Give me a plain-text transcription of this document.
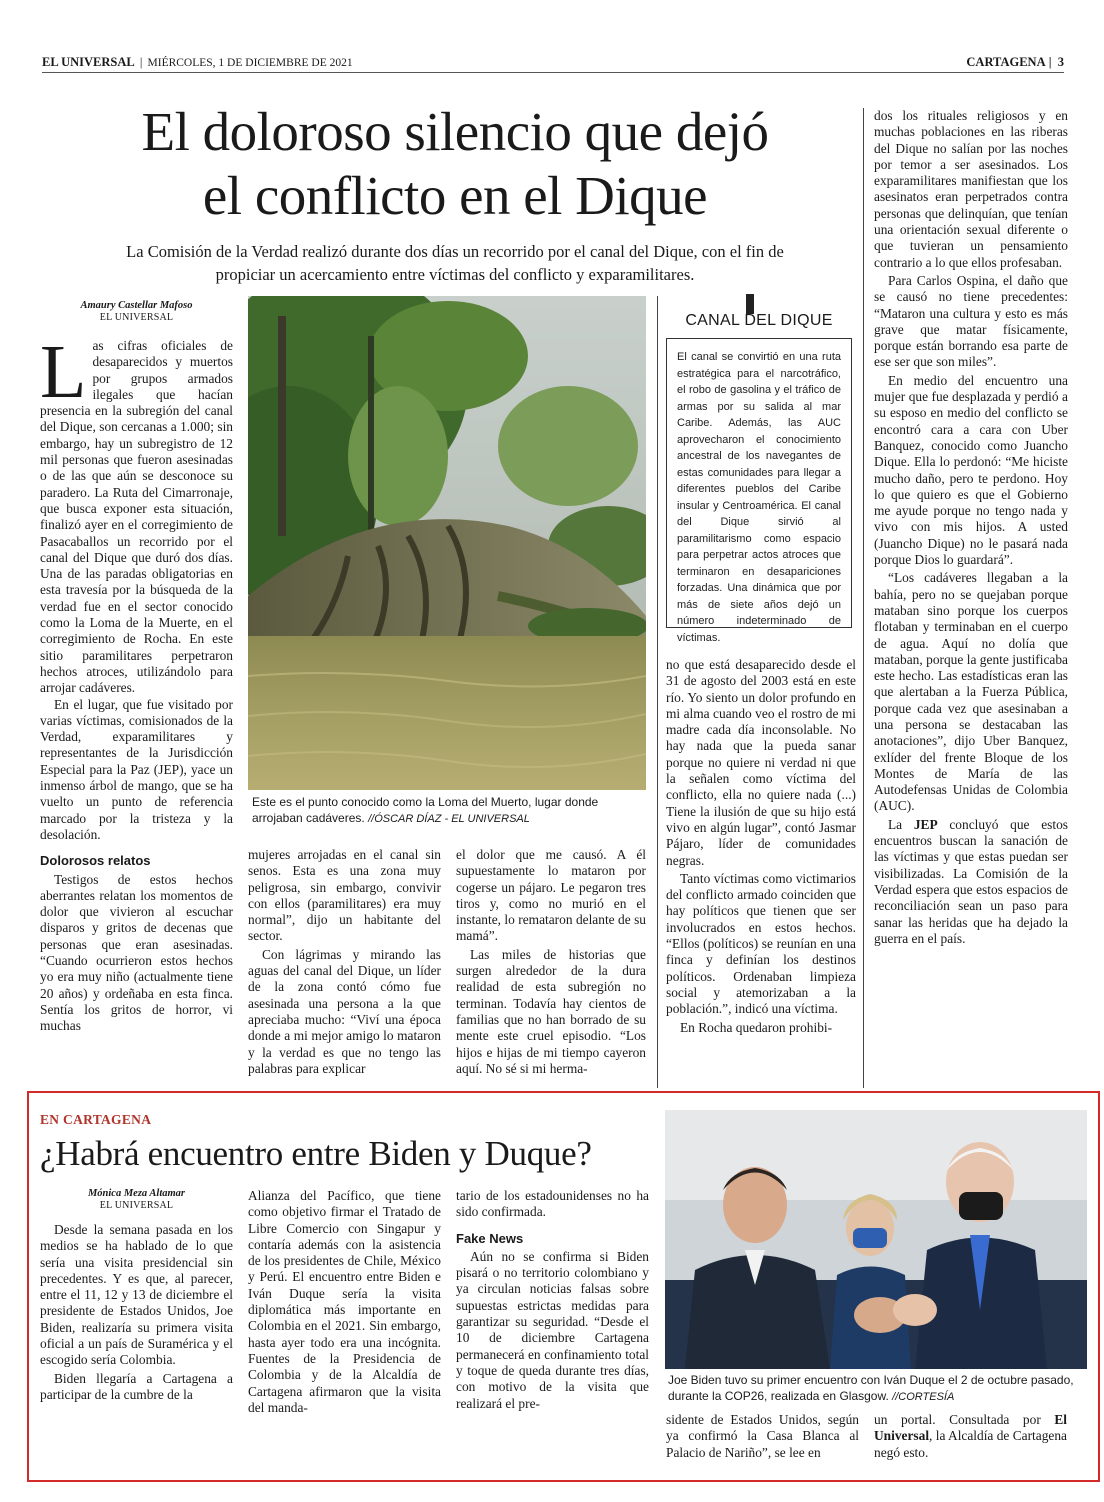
EL UNIVERSAL | MIÉRCOLES, 1 DE DICIEMBRE DE 2021	CARTAGENA |  3
El doloroso silencio que dejó
el conflicto en el Dique
La Comisión de la Verdad realizó durante dos días un recorrido por el canal del Dique, con el fin de
propiciar un acercamiento entre víctimas del conflicto y exparamilitares.
Amaury Castellar Mafoso
EL UNIVERSAL

Las cifras oficiales de desaparecidos y muertos por grupos armados ilegales que hacían presencia en la subregión del canal del Dique, son cercanas a 1.000; sin embargo, hay un subregistro de 12 mil personas que fueron asesinadas o de las que aún se desconoce su paradero. La Ruta del Cimarronaje, que busca exponer esta situación, finalizó ayer en el corregimiento de Pasacaballos un recorrido por el canal del Dique que duró dos días. Una de las paradas obligatorias en esta travesía por la búsqueda de la verdad fue en el sector conocido como la Loma de la Muerte, en el corregimiento de Rocha. En este sitio paramilitares perpetraron hechos atroces, utilizándolo para arrojar cadáveres.

En el lugar, que fue visitado por varias víctimas, comisionados de la Verdad, exparamilitares y representantes de la Jurisdicción Especial para la Paz (JEP), yace un inmenso árbol de mango, que se ha vuelto un punto de referencia marcado por la tristeza y la desolación.

Dolorosos relatos

Testigos de estos hechos aberrantes relatan los momentos de dolor que vivieron al escuchar disparos y gritos de decenas que personas que eran asesinadas. “Cuando ocurrieron estos hechos yo era muy niño (actualmente tiene 20 años) y ordeñaba en esta finca. Sentía los gritos de horror, vi muchas

Este es el punto conocido como la Loma del Muerto, lugar donde arrojaban cadáveres. //ÓSCAR DÍAZ - EL UNIVERSAL

mujeres arrojadas en el canal sin senos. Esta es una zona muy peligrosa, sin embargo, convivir con ellos (paramilitares) era muy normal”, dijo un habitante del sector.

Con lágrimas y mirando las aguas del canal del Dique, un líder de la zona contó cómo fue asesinada una persona a la que apreciaba mucho: “Viví una época donde a mi mejor amigo lo mataron y la verdad es que no tengo las palabras para explicar

el dolor que me causó. A él supuestamente lo mataron por cogerse un pájaro. Le pegaron tres tiros y, como no murió en el instante, lo remataron delante de su mamá”.

Las miles de historias que surgen alrededor de la dura realidad de esta subregión no terminan. Todavía hay cientos de familias que no han borrado de su mente este cruel episodio. “Los hijos e hijas de mi tiempo cayeron aquí. No sé si mi herma-

CANAL DEL DIQUE
El canal se convirtió en una ruta estratégica para el narcotráfico, el robo de gasolina y el tráfico de armas por su salida al mar Caribe. Además, las AUC aprovecharon el conocimiento ancestral de los navegantes de estas comunidades para llegar a diferentes pueblos del Caribe insular y Centroamérica. El canal del Dique sirvió al paramilitarismo como espacio para perpetrar actos atroces que terminaron en desapariciones forzadas. Una dinámica que por más de siete años dejó un número indeterminado de víctimas.

no que está desaparecido desde el 31 de agosto del 2003 está en este río. Yo siento un dolor profundo en mi alma cuando veo el rostro de mi madre cada día inconsolable. No hay nada que la pueda sanar porque no quiere ni verdad ni que la señalen como víctima del conflicto, ella no quiere nada (...) Tiene la ilusión de que su hijo está vivo en algún lugar”, contó Jasmar Pájaro, líder de comunidades negras.

Tanto víctimas como victimarios del conflicto armado coinciden que hay políticos que tienen que ser involucrados en estos hechos. “Ellos (políticos) se reunían en una finca y definían los destinos políticos. Ordenaban limpieza social y atemorizaban a la población.”, indicó una víctima.

En Rocha quedaron prohibi-

dos los rituales religiosos y en muchas poblaciones en las riberas del Dique no salían por las noches por temor a ser asesinados. Los exparamilitares manifiestan que los asesinatos eran perpetrados contra personas que delinquían, que tenían una orientación sexual diferente o que tuvieran un pensamiento contrario a lo que ellos profesaban.

Para Carlos Ospina, el daño que se causó no tiene precedentes: “Mataron una cultura y esto es más grave que matar físicamente, porque están borrando esa parte de ese ser que son miles”.

En medio del encuentro una mujer que fue desplazada y perdió a su esposo en medio del conflicto se encontró cara a cara con Uber Banquez, conocido como Juancho Dique. Ella lo perdonó: “Me hiciste mucho daño, pero te perdono. Hoy lo que quiero es que el Gobierno me ayude porque no tengo nada y vivo con mis hijos. A usted (Juancho Dique) no le pasará nada porque Dios lo guardará”.

“Los cadáveres llegaban a la bahía, pero no se quejaban porque mataban sino porque los cuerpos flotaban y terminaban en el cuerpo de agua. Aquí no dolía que mataban, porque la gente justificaba este hecho. Las estadísticas eran las que alertaban a la Fuerza Pública, porque cada vez que asesinaban a una persona se destacaban las anotaciones”, dijo Uber Banquez, exlíder del frente Bloque de los Montes de María de las Autodefensas Unidas de Colombia (AUC).

La JEP concluyó que estos encuentros buscan la sanación de las víctimas y que estas puedan ser visibilizadas. La Comisión de la Verdad espera que estos espacios de reconciliación sean un paso para sanar las heridas que ha dejado la guerra en el país.

EN CARTAGENA
¿Habrá encuentro entre Biden y Duque?
Mónica Meza Altamar
EL UNIVERSAL

Desde la semana pasada en los medios se ha hablado de lo que sería una visita presidencial sin precedentes. Y es que, al parecer, entre el 11, 12 y 13 de diciembre el presidente de Estados Unidos, Joe Biden, realizaría su primera visita oficial a un país de Suramérica y el escogido sería Colombia.

Biden llegaría a Cartagena a participar de la cumbre de la

Alianza del Pacífico, que tiene como objetivo firmar el Tratado de Libre Comercio con Singapur y contaría además con la asistencia de los presidentes de Chile, México y Perú. El encuentro entre Biden e Iván Duque sería la visita diplomática más importante en Colombia en el 2021. Sin embargo, hasta ayer todo era una incógnita. Fuentes de la Presidencia de Colombia y de la Alcaldía de Cartagena afirmaron que la visita del manda-

tario de los estadounidenses no ha sido confirmada.

Fake News

Aún no se confirma si Biden pisará o no territorio colombiano y ya circulan noticias falsas sobre supuestas estrictas medidas para garantizar su seguridad. “Desde el 10 de diciembre Cartagena permanecerá en confinamiento total y toque de queda durante tres días, con motivo de la visita que realizará el pre-

Joe Biden tuvo su primer encuentro con Iván Duque el 2 de octubre pasado, durante la COP26, realizada en Glasgow. //CORTESÍA

sidente de Estados Unidos, según ya confirmó la Casa Blanca al Palacio de Nariño”, se lee en

un portal. Consultada por El Universal, la Alcaldía de Cartagena negó esto.
